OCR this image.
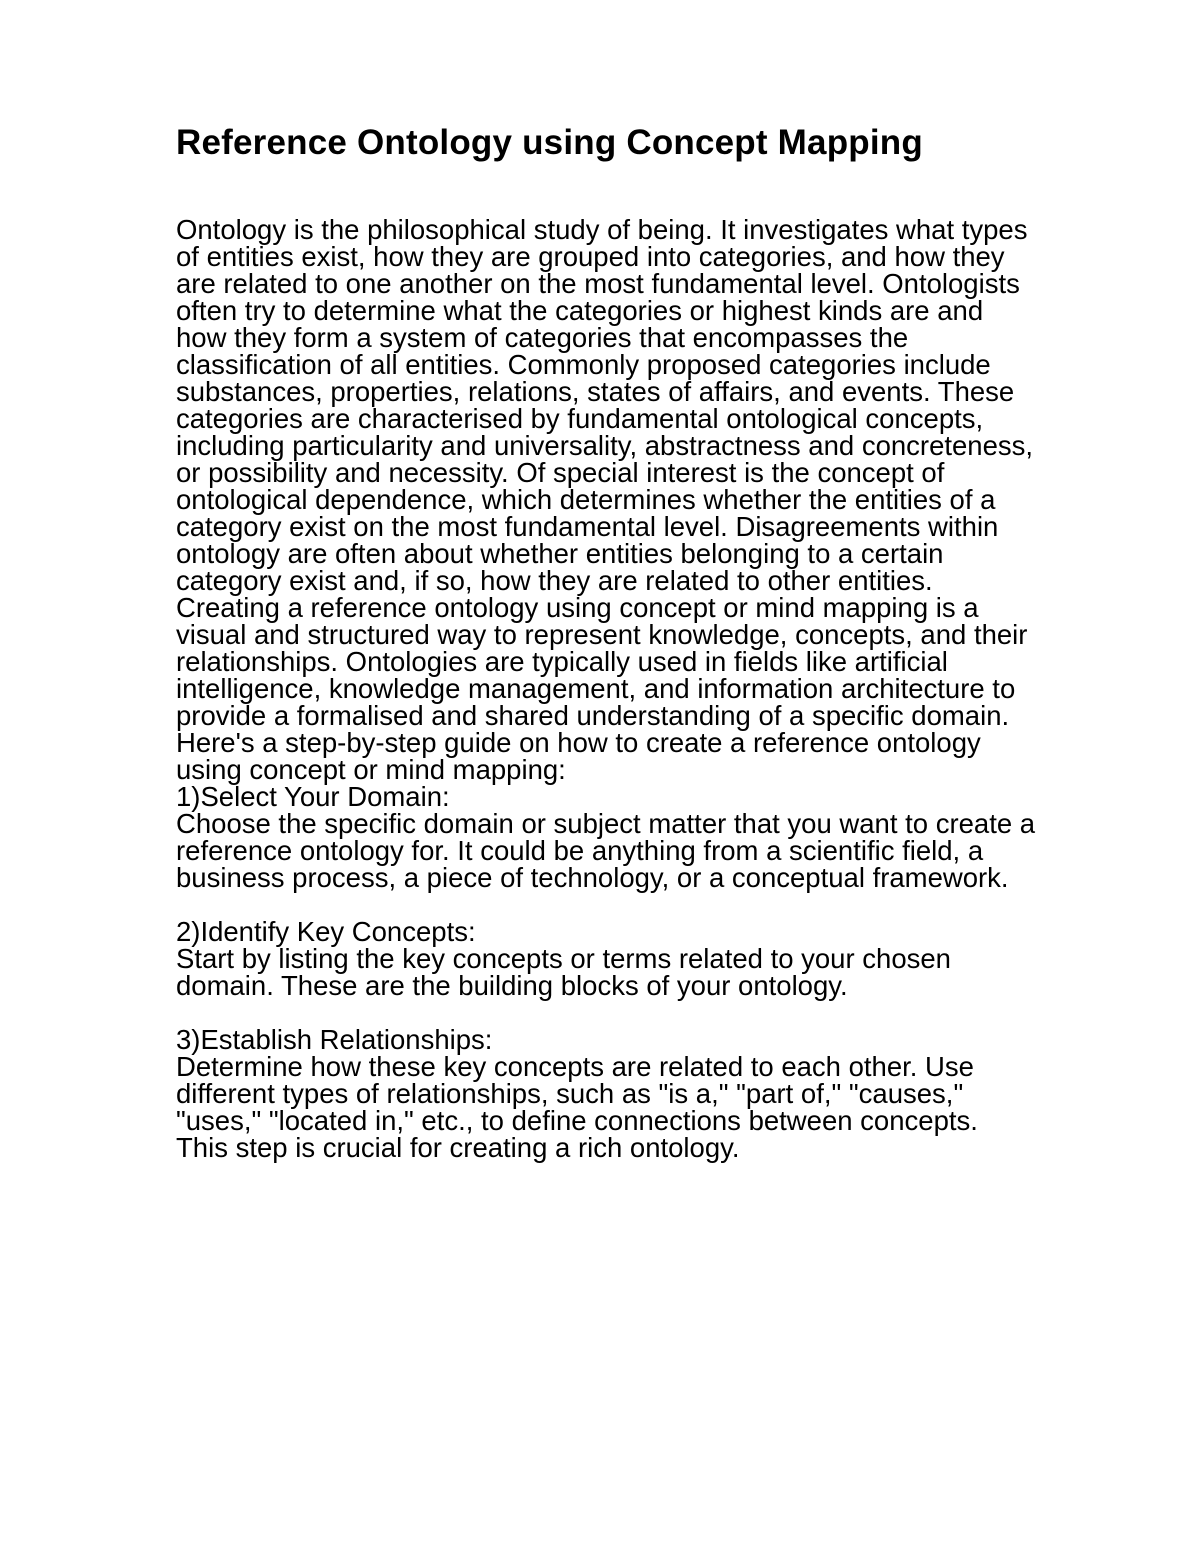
Reference Ontology using Concept Mapping

Ontology is the philosophical study of being. It investigates what types of entities exist, how they are grouped into categories, and how they are related to one another on the most fundamental level. Ontologists often try to determine what the categories or highest kinds are and how they form a system of categories that encompasses the classification of all entities. Commonly proposed categories include substances, properties, relations, states of affairs, and events. These categories are characterised by fundamental ontological concepts, including particularity and universality, abstractness and concreteness, or possibility and necessity. Of special interest is the concept of ontological dependence, which determines whether the entities of a category exist on the most fundamental level. Disagreements within ontology are often about whether entities belonging to a certain category exist and, if so, how they are related to other entities.

Creating a reference ontology using concept or mind mapping is a visual and structured way to represent knowledge, concepts, and their relationships. Ontologies are typically used in fields like artificial intelligence, knowledge management, and information architecture to provide a formalised and shared understanding of a specific domain. Here's a step-by-step guide on how to create a reference ontology using concept or mind mapping:

1)Select Your Domain:

Choose the specific domain or subject matter that you want to create a reference ontology for. It could be anything from a scientific field, a business process, a piece of technology, or a conceptual framework.

2)Identify Key Concepts:

Start by listing the key concepts or terms related to your chosen domain. These are the building blocks of your ontology.

3)Establish Relationships:

Determine how these key concepts are related to each other. Use different types of relationships, such as "is a," "part of," "causes," "uses," "located in," etc., to define connections between concepts. This step is crucial for creating a rich ontology.
